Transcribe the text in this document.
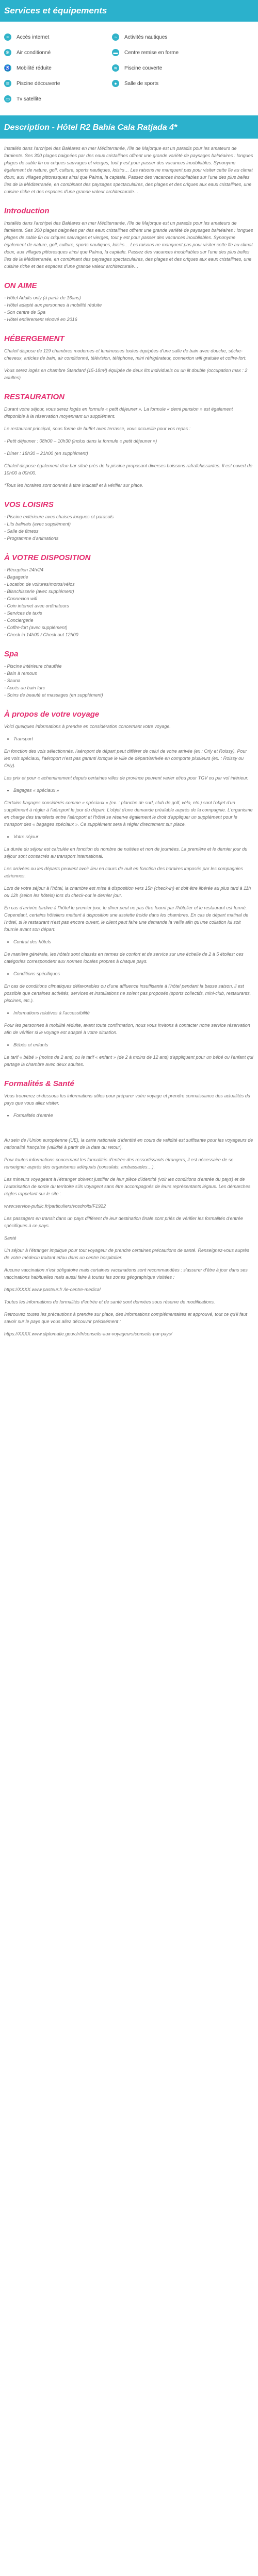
Services et équipements
≈	Accès internet	~	Activités nautiques
✻	Air conditionné	▬ Centre remise en forme
♿ Mobilité réduite	≋	Piscine couverte
≋	Piscine découverte	●	Salle de sports
▭ Tv satellite
Description - Hôtel R2 Bahía Cala Ratjada 4*

Installés dans l'archipel des Baléares en mer Méditerranée, l'île de Majorque est un paradis pour les amateurs de farniente. Ses 300 plages baignées par des eaux cristallines offrent une grande variété de paysages balnéaires : longues plages de sable fin ou criques sauvages et vierges, tout y est pour passer des vacances inoubliables. Synonyme également de nature, golf, culture, sports nautiques, loisirs… Les raisons ne manquent pas pour visiter cette île au climat doux, aux villages pittoresques ainsi que Palma, la capitale. Passez des vacances inoubliables sur l'une des plus belles îles de la Méditerranée, en combinant des paysages spectaculaires, des plages et des criques aux eaux cristallines, une cuisine riche et des espaces d'une grande valeur architecturale…

Introduction

Installés dans l'archipel des Baléares en mer Méditerranée, l'île de Majorque est un paradis pour les amateurs de farniente. Ses 300 plages baignées par des eaux cristallines offrent une grande variété de paysages balnéaires : longues plages de sable fin ou criques sauvages et vierges, tout y est pour passer des vacances inoubliables. Synonyme également de nature, golf, culture, sports nautiques, loisirs… Les raisons ne manquent pas pour visiter cette île au climat doux, aux villages pittoresques ainsi que Palma, la capitale. Passez des vacances inoubliables sur l'une des plus belles îles de la Méditerranée, en combinant des paysages spectaculaires, des plages et des criques aux eaux cristallines, une cuisine riche et des espaces d'une grande valeur architecturale…

ON AIME

- Hôtel Adults only (à partir de 16ans)
- Hôtel adapté aux personnes à mobilité réduite
- Son centre de Spa
- Hôtel entièrement rénové en 2016

HÉBERGEMENT

Chaleil dispose de 119 chambres modernes et lumineuses toutes équipées d'une salle de bain avec douche, sèche-cheveux, articles de bain, air conditionné, télévision, téléphone, mini réfrigérateur, connexion wifi gratuite et coffre-fort.

Vous serez logés en chambre Standard (15-18m²) équipée de deux lits individuels ou un lit double (occupation max : 2 adultes)

RESTAURATION

Durant votre séjour, vous serez logés en formule « petit déjeuner ». La formule « demi pension » est également disponible à la réservation moyennant un supplément.

Le restaurant principal, sous forme de buffet avec terrasse, vous accueille pour vos repas :

- Petit déjeuner : 08h00 – 10h30 (inclus dans la formule « petit déjeuner »)

- Dîner : 18h30 – 21h00 (en supplément)

Chaleil dispose également d'un bar situé près de la piscine proposant diverses boissons rafraîchissantes. Il est ouvert de 10h00 à 00h00.

*Tous les horaires sont donnés à titre indicatif et à vérifier sur place.

VOS LOISIRS

- Piscine extérieure avec chaises longues et parasols
- Lits balinais (avec supplément)
- Salle de fitness
- Programme d'animations

À VOTRE DISPOSITION

- Réception 24h/24
- Bagagerie
- Location de voitures/motos/vélos
- Blanchisserie (avec supplément)
- Connexion wifi
- Coin internet avec ordinateurs
- Services de taxis
- Conciergerie
- Coffre-fort (avec supplément)
- Check in 14h00 / Check out 12h00

Spa

- Piscine intérieure chauffée
- Bain à remous
- Sauna
- Accès au bain turc
- Soins de beauté et massages (en supplément)

À propos de votre voyage

Voici quelques informations à prendre en considération concernant votre voyage.

• Transport

En fonction des vols sélectionnés, l'aéroport de départ peut différer de celui de votre arrivée (ex : Orly et Roissy). Pour les vols spéciaux, l'aéroport n'est pas garanti lorsque le ville de départ/arrivée en comporte plusieurs (ex. : Roissy ou Orly).

Les prix et pour « acheminement depuis certaines villes de province peuvent varier et/ou pour TGV ou par vol intérieur.

• Bagages « spéciaux »

Certains bagages considérés comme « spéciaux » (ex. : planche de surf, club de golf, vélo, etc.) sont l'objet d'un supplément à régler à l'aéroport le jour du départ. L'objet d'une demande préalable auprès de la compagnie. L'organisme en charge des transferts entre l'aéroport et l'hôtel se réserve également le droit d'appliquer un supplément pour le transport des « bagages spéciaux ». Ce supplément sera à régler directement sur place.

• Votre séjour

La durée du séjour est calculée en fonction du nombre de nuitées et non de journées. La première et le dernier jour du séjour sont consacrés au transport international.

Les arrivées ou les départs peuvent avoir lieu en cours de nuit en fonction des horaires imposés par les compagnies aériennes.

Lors de votre séjour à l'hôtel, la chambre est mise à disposition vers 15h (check-in) et doit être libérée au plus tard à 11h ou 12h (selon les hôtels) lors du check-out le dernier jour.

En cas d'arrivée tardive à l'hôtel le premier jour, le dîner peut ne pas être fourni par l'hôtelier et le restaurant est fermé. Cependant, certains hôteliers mettent à disposition une assiette froide dans les chambres. En cas de départ matinal de l'hôtel, si le restaurant n'est pas encore ouvert, le client peut faire une demande la veille afin qu'une collation lui soit fournie avant son départ.

• Contrat des hôtels

De manière générale, les hôtels sont classés en termes de confort et de service sur une échelle de 2 à 5 étoiles; ces catégories correspondent aux normes locales propres à chaque pays.

• Conditions spécifiques

En cas de conditions climatiques défavorables ou d'une affluence insuffisante à l'hôtel pendant la basse saison, il est possible que certaines activités, services et installations ne soient pas proposés (sports collectifs, mini-club, restaurants, piscines, etc.).

• Informations relatives à l'accessibilité

Pour les personnes à mobilité réduite, avant toute confirmation, nous vous invitons à contacter notre service réservation afin de vérifier si le voyage est adapté à votre situation.

• Bébés et enfants

Le tarif « bébé » (moins de 2 ans) ou le tarif « enfant » (de 2 à moins de 12 ans) s'appliquent pour un bébé ou l'enfant qui partage la chambre avec deux adultes.

Formalités & Santé

Vous trouverez ci-dessous les informations utiles pour préparer votre voyage et prendre connaissance des actualités du pays que vous allez visiter.

• Formalités d'entrée

Au sein de l'Union européenne (UE), la carte nationale d'identité en cours de validité est suffisante pour les voyageurs de nationalité française (validité à partir de la date du retour).

Pour toutes informations concernant les formalités d'entrée des ressortissants étrangers, il est nécessaire de se renseigner auprès des organismes adéquats (consulats, ambassades…).

Les mineurs voyageant à l'étranger doivent justifier de leur pièce d'identité (voir les conditions d'entrée du pays) et de l'autorisation de sortie du territoire s'ils voyagent sans être accompagnés de leurs représentants légaux. Les démarches règles rappelant sur le site :

www.service-public.fr/particuliers/vosdroits/F1922

Les passagers en transit dans un pays différent de leur destination finale sont priés de vérifier les formalités d'entrée spécifiques à ce pays.

Santé

Un séjour à l'étranger implique pour tout voyageur de prendre certaines précautions de santé. Renseignez-vous auprès de votre médecin traitant et/ou dans un centre hospitalier.

Aucune vaccination n'est obligatoire mais certaines vaccinations sont recommandées : s'assurer d'être à jour dans ses vaccinations habituelles mais aussi faire à toutes les zones géographique visitées :

https://XXXX.www.pasteur.fr /le-centre-medical

Toutes les informations de formalités d'entrée et de santé sont données sous réserve de modifications.

Retrouvez toutes les précautions à prendre sur place, des informations complémentaires et approuvé, tout ce qu'il faut savoir sur le pays que vous allez découvrir précisément :

https://XXXX.www.diplomatie.gouv.fr/fr/conseils-aux-voyageurs/conseils-par-pays/
